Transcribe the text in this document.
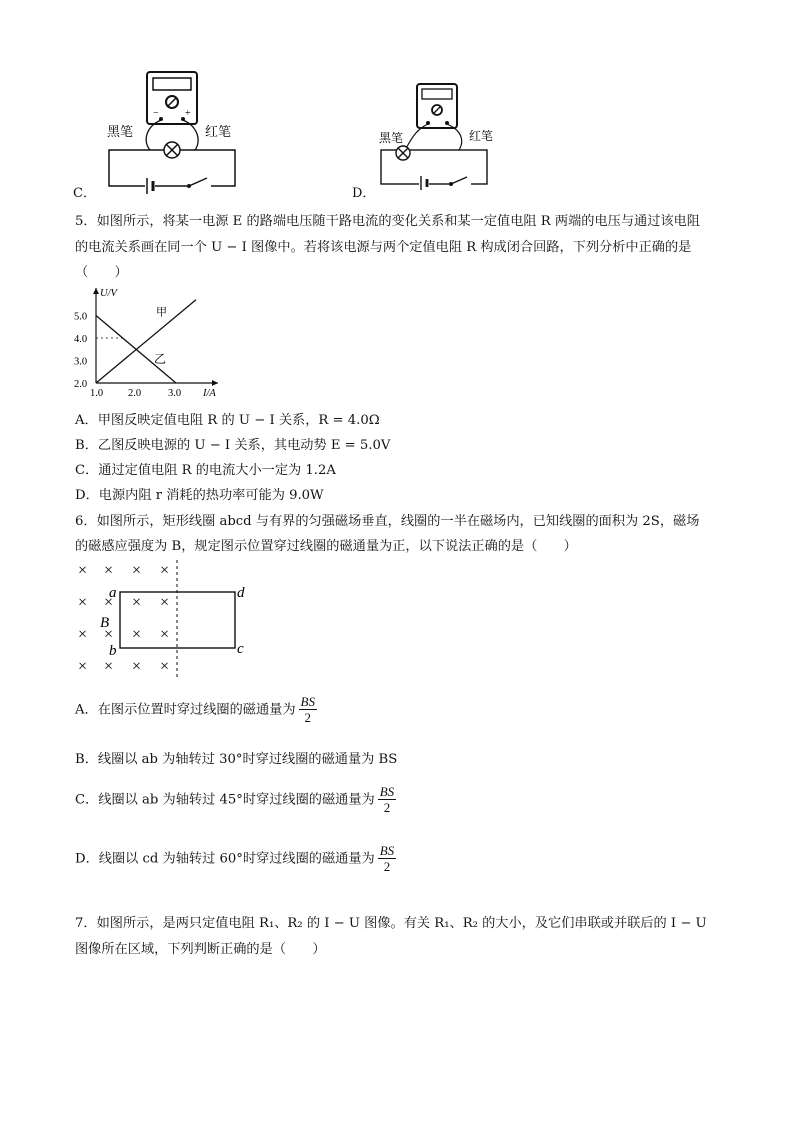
−	+
黑笔	红笔
C．
黑笔	红笔
D．
5．如图所示，将某一电源 E 的路端电压随干路电流的变化关系和某一定值电阻 R 两端的电压与通过该电阻
的电流关系画在同一个 U − I 图像中。若将该电源与两个定值电阻 R 构成闭合回路，下列分析中正确的是
（　　）
甲
乙
2.0
3.0
4.0
5.0
1.0 2.0	3.0 I/A
U/V
A．甲图反映定值电阻 R 的 U − I 关系，R = 4.0Ω
B．乙图反映电源的 U − I 关系，其电动势 E = 5.0V
C．通过定值电阻 R 的电流大小一定为 1.2A
D．电源内阻 r 消耗的热功率可能为 9.0W
6．如图所示，矩形线圈 abcd 与有界的匀强磁场垂直，线圈的一半在磁场内，已知线圈的面积为 2S，磁场
的磁感应强度为 B，规定图示位置穿过线圈的磁通量为正，以下说法正确的是（　　）
× × × ×
×	× ×
×
×	× ×
×
× × × ×
a
B
b
d
c
A．在图示位置时穿过线圈的磁通量为 $\frac{BS}{2}$
B．线圈以 ab 为轴转过 30°时穿过线圈的磁通量为 BS
C．线圈以 ab 为轴转过 45°时穿过线圈的磁通量为 $\frac{BS}{2}$
D．线圈以 cd 为轴转过 60°时穿过线圈的磁通量为 $\frac{BS}{2}$
7．如图所示，是两只定值电阻 R₁、R₂ 的 I − U 图像。有关 R₁、R₂ 的大小，及它们串联或并联后的 I − U
图像所在区域，下列判断正确的是（　　）
